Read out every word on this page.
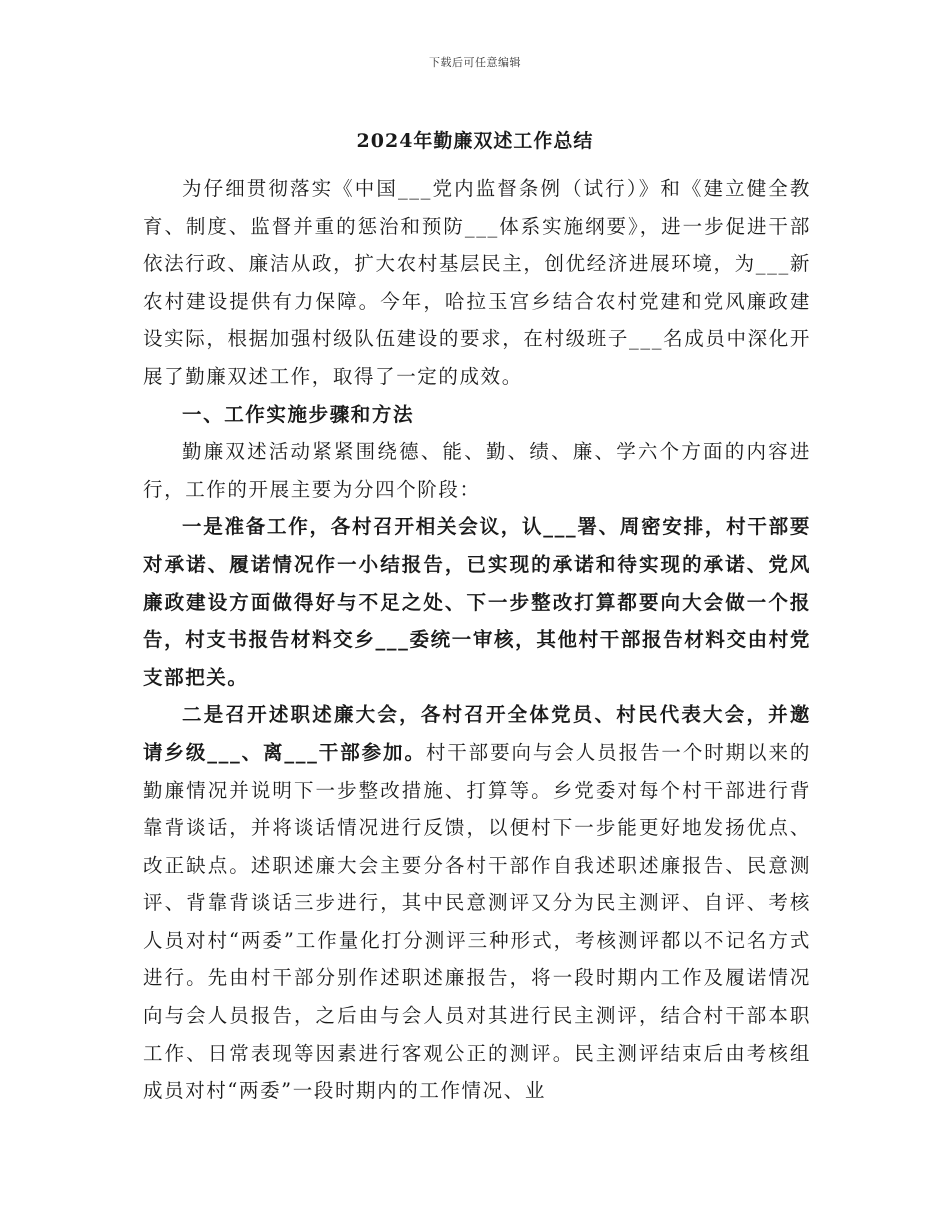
下载后可任意编辑
2024年勤廉双述工作总结

为仔细贯彻落实《中国___党内监督条例（试行）》和《建立健全教育、制度、监督并重的惩治和预防___体系实施纲要》，进一步促进干部依法行政、廉洁从政，扩大农村基层民主，创优经济进展环境，为___新农村建设提供有力保障。今年，哈拉玉宫乡结合农村党建和党风廉政建设实际，根据加强村级队伍建设的要求，在村级班子___名成员中深化开展了勤廉双述工作，取得了一定的成效。

一、工作实施步骤和方法

勤廉双述活动紧紧围绕德、能、勤、绩、廉、学六个方面的内容进行，工作的开展主要为分四个阶段：

一是准备工作，各村召开相关会议，认___署、周密安排，村干部要对承诺、履诺情况作一小结报告，已实现的承诺和待实现的承诺、党风廉政建设方面做得好与不足之处、下一步整改打算都要向大会做一个报告，村支书报告材料交乡___委统一审核，其他村干部报告材料交由村党支部把关。

二是召开述职述廉大会，各村召开全体党员、村民代表大会，并邀请乡级___、离___干部参加。村干部要向与会人员报告一个时期以来的勤廉情况并说明下一步整改措施、打算等。乡党委对每个村干部进行背靠背谈话，并将谈话情况进行反馈，以便村下一步能更好地发扬优点、改正缺点。述职述廉大会主要分各村干部作自我述职述廉报告、民意测评、背靠背谈话三步进行，其中民意测评又分为民主测评、自评、考核人员对村“两委”工作量化打分测评三种形式，考核测评都以不记名方式进行。先由村干部分别作述职述廉报告，将一段时期内工作及履诺情况向与会人员报告，之后由与会人员对其进行民主测评，结合村干部本职工作、日常表现等因素进行客观公正的测评。民主测评结束后由考核组成员对村“两委”一段时期内的工作情况、业
